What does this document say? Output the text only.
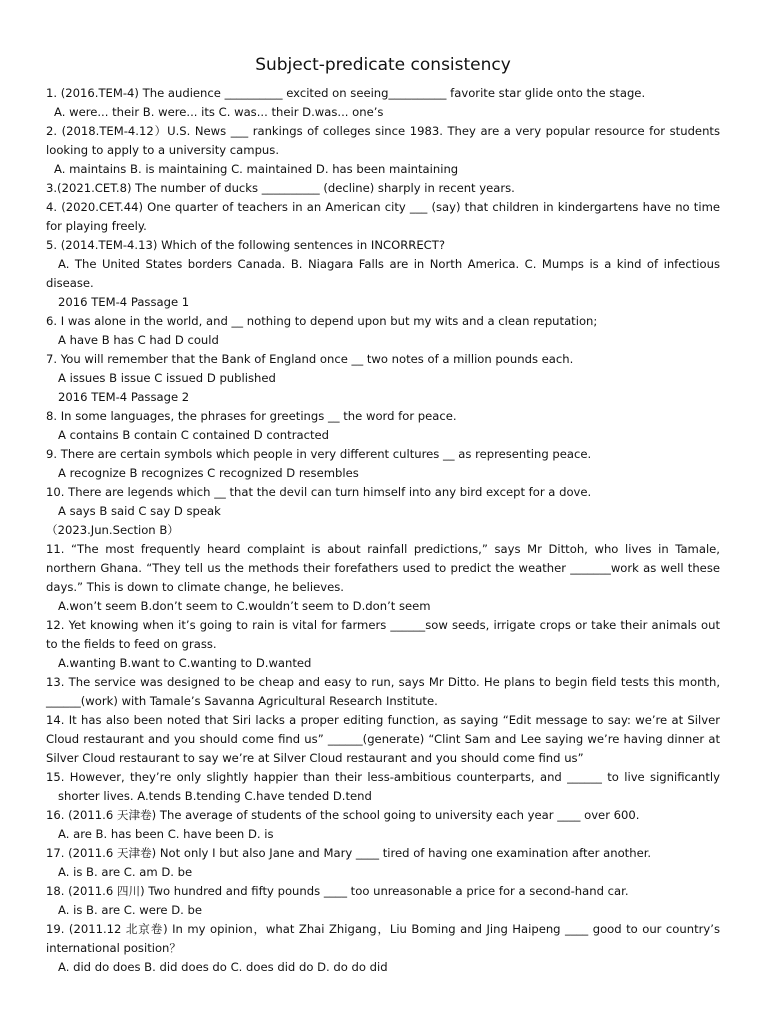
Subject-predicate consistency
1. (2016.TEM-4) The audience __________ excited on seeing__________ favorite star glide onto the stage.
A. were... their B. were... its C. was... their D.was... one’s
2. (2018.TEM-4.12）U.S. News ___ rankings of colleges since 1983. They are a very popular resource for students
looking to apply to a university campus.
A. maintains B. is maintaining C. maintained D. has been maintaining
3.(2021.CET.8) The number of ducks __________ (decline) sharply in recent years.
4. (2020.CET.44) One quarter of teachers in an American city ___ (say) that children in kindergartens have no time
for playing freely.
5. (2014.TEM-4.13) Which of the following sentences in INCORRECT?
A. The United States borders Canada. B. Niagara Falls are in North America. C. Mumps is a kind of infectious
disease.
2016 TEM-4 Passage 1
6. I was alone in the world, and __ nothing to depend upon but my wits and a clean reputation;
A have B has C had D could
7. You will remember that the Bank of England once __ two notes of a million pounds each.
A issues B issue C issued D published
2016 TEM-4 Passage 2
8. In some languages, the phrases for greetings __ the word for peace.
A contains B contain C contained D contracted
9. There are certain symbols which people in very different cultures __ as representing peace.
A recognize B recognizes C recognized D resembles
10. There are legends which __ that the devil can turn himself into any bird except for a dove.
A says B said C say D speak
（2023.Jun.Section B）
11. “The most frequently heard complaint is about rainfall predictions,” says Mr Dittoh, who lives in Tamale,
northern Ghana. “They tell us the methods their forefathers used to predict the weather _______work as well these
days.” This is down to climate change, he believes.
A.won’t seem B.don’t seem to C.wouldn’t seem to D.don’t seem
12. Yet knowing when it’s going to rain is vital for farmers ______sow seeds, irrigate crops or take their animals out
to the fields to feed on grass.
A.wanting B.want to C.wanting to D.wanted
13. The service was designed to be cheap and easy to run, says Mr Ditto. He plans to begin field tests this month,
______(work) with Tamale’s Savanna Agricultural Research Institute.
14. It has also been noted that Siri lacks a proper editing function, as saying “Edit message to say: we’re at Silver
Cloud restaurant and you should come find us” ______(generate) “Clint Sam and Lee saying we’re having dinner at
Silver Cloud restaurant to say we’re at Silver Cloud restaurant and you should come find us”
15. However, they’re only slightly happier than their less-ambitious counterparts, and ______ to live significantly
shorter lives. A.tends B.tending C.have tended D.tend
16. (2011.6 天津卷) The average of students of the school going to university each year ____ over 600.
A. are B. has been C. have been D. is
17. (2011.6 天津卷) Not only I but also Jane and Mary ____ tired of having one examination after another.
A. is B. are C. am D. be
18. (2011.6 四川) Two hundred and fifty pounds ____ too unreasonable a price for a second-hand car.
A. is B. are C. were D. be
19. (2011.12 北京卷) In my opinion，what Zhai Zhigang，Liu Boming and Jing Haipeng ____ good to our country’s
international position？
A. did do does B. did does do C. does did do D. do do did
